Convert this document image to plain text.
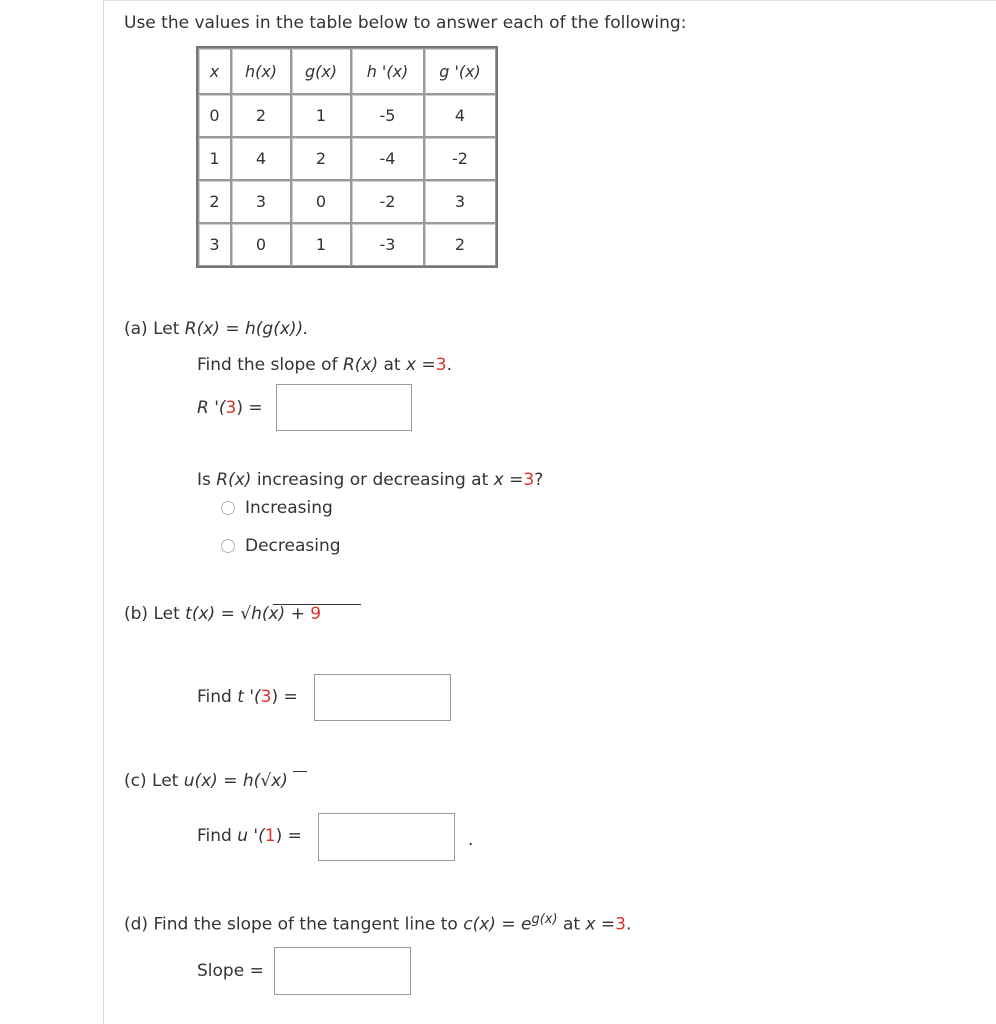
Use the values in the table below to answer each of the following:
x	h(x)	g(x)	h '(x)	g '(x)
0	2	1	-5	4
1	4	2	-4	-2
2	3	0	-2	3
3	0	1	-3	2
(a) Let R(x) = h(g(x)).
Find the slope of R(x) at x =3.
R '(3) =
Is R(x) increasing or decreasing at x =3?
Increasing
Decreasing
(b) Let t(x) = √h(x) + 9
Find t '(3) =
(c) Let u(x) = h(√x)
Find u '(1) =	.
(d) Find the slope of the tangent line to $c(x) = e^{g(x)}$ at x =3.
Slope =
